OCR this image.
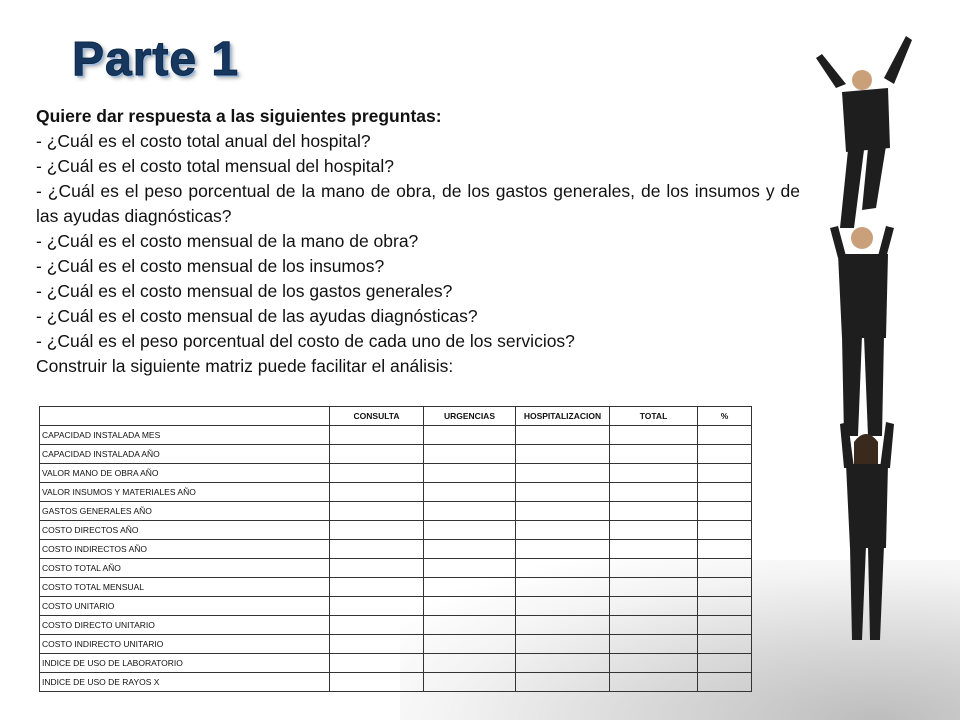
Parte 1
Quiere dar respuesta a las siguientes preguntas:
- ¿Cuál es el costo total anual del hospital?
- ¿Cuál es el costo total mensual del hospital?
- ¿Cuál es el peso porcentual de la mano de obra, de los gastos generales, de los insumos y de las ayudas diagnósticas?
- ¿Cuál es el costo mensual de la mano de obra?
- ¿Cuál es el costo mensual de los insumos?
- ¿Cuál es el costo mensual de los gastos generales?
- ¿Cuál es el costo mensual de las ayudas diagnósticas?
- ¿Cuál es el peso porcentual del costo de cada uno de los servicios?
Construir la siguiente matriz puede facilitar el análisis:
	CONSULTA	URGENCIAS	HOSPITALIZACION	TOTAL	%
CAPACIDAD INSTALADA MES					
CAPACIDAD INSTALADA AÑO					
VALOR MANO DE OBRA AÑO					
VALOR INSUMOS Y MATERIALES AÑO					
GASTOS GENERALES AÑO					
COSTO DIRECTOS AÑO					
COSTO INDIRECTOS AÑO					
COSTO TOTAL AÑO					
COSTO TOTAL MENSUAL					
COSTO UNITARIO					
COSTO DIRECTO UNITARIO					
COSTO INDIRECTO UNITARIO					
INDICE DE USO DE LABORATORIO					
INDICE DE USO DE RAYOS X					
